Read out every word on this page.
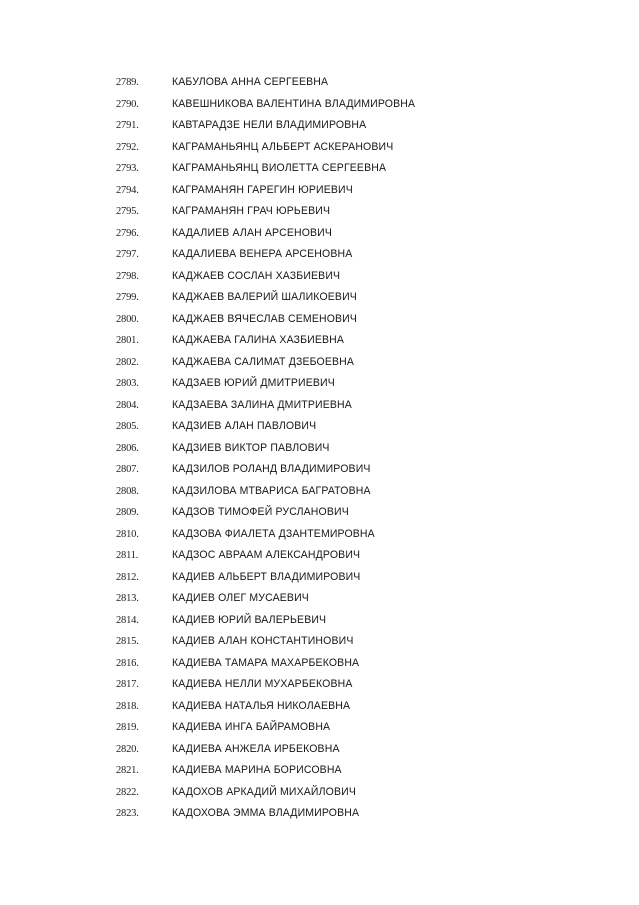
2789.	КАБУЛОВА АННА СЕРГЕЕВНА
2790.	КАВЕШНИКОВА ВАЛЕНТИНА ВЛАДИМИРОВНА
2791.	КАВТАРАДЗЕ НЕЛИ ВЛАДИМИРОВНА
2792.	КАГРАМАНЬЯНЦ АЛЬБЕРТ АСКЕРАНОВИЧ
2793.	КАГРАМАНЬЯНЦ ВИОЛЕТТА СЕРГЕЕВНА
2794.	КАГРАМАНЯН ГАРЕГИН ЮРИЕВИЧ
2795.	КАГРАМАНЯН ГРАЧ ЮРЬЕВИЧ
2796.	КАДАЛИЕВ АЛАН АРСЕНОВИЧ
2797.	КАДАЛИЕВА ВЕНЕРА АРСЕНОВНА
2798.	КАДЖАЕВ СОСЛАН ХАЗБИЕВИЧ
2799.	КАДЖАЕВ ВАЛЕРИЙ ШАЛИКОЕВИЧ
2800.	КАДЖАЕВ ВЯЧЕСЛАВ СЕМЕНОВИЧ
2801.	КАДЖАЕВА ГАЛИНА ХАЗБИЕВНА
2802.	КАДЖАЕВА САЛИМАТ ДЗЕБОЕВНА
2803.	КАДЗАЕВ ЮРИЙ ДМИТРИЕВИЧ
2804.	КАДЗАЕВА ЗАЛИНА ДМИТРИЕВНА
2805.	КАДЗИЕВ АЛАН ПАВЛОВИЧ
2806.	КАДЗИЕВ ВИКТОР ПАВЛОВИЧ
2807.	КАДЗИЛОВ РОЛАНД ВЛАДИМИРОВИЧ
2808.	КАДЗИЛОВА МТВАРИСА БАГРАТОВНА
2809.	КАДЗОВ ТИМОФЕЙ РУСЛАНОВИЧ
2810.	КАДЗОВА ФИАЛЕТА ДЗАНТЕМИРОВНА
2811.	КАДЗОС АВРААМ АЛЕКСАНДРОВИЧ
2812.	КАДИЕВ АЛЬБЕРТ ВЛАДИМИРОВИЧ
2813.	КАДИЕВ ОЛЕГ МУСАЕВИЧ
2814.	КАДИЕВ ЮРИЙ ВАЛЕРЬЕВИЧ
2815.	КАДИЕВ АЛАН КОНСТАНТИНОВИЧ
2816.	КАДИЕВА ТАМАРА МАХАРБЕКОВНА
2817.	КАДИЕВА НЕЛЛИ МУХАРБЕКОВНА
2818.	КАДИЕВА НАТАЛЬЯ НИКОЛАЕВНА
2819.	КАДИЕВА ИНГА БАЙРАМОВНА
2820.	КАДИЕВА АНЖЕЛА ИРБЕКОВНА
2821.	КАДИЕВА МАРИНА БОРИСОВНА
2822.	КАДОХОВ АРКАДИЙ МИХАЙЛОВИЧ
2823.	КАДОХОВА ЭММА ВЛАДИМИРОВНА
